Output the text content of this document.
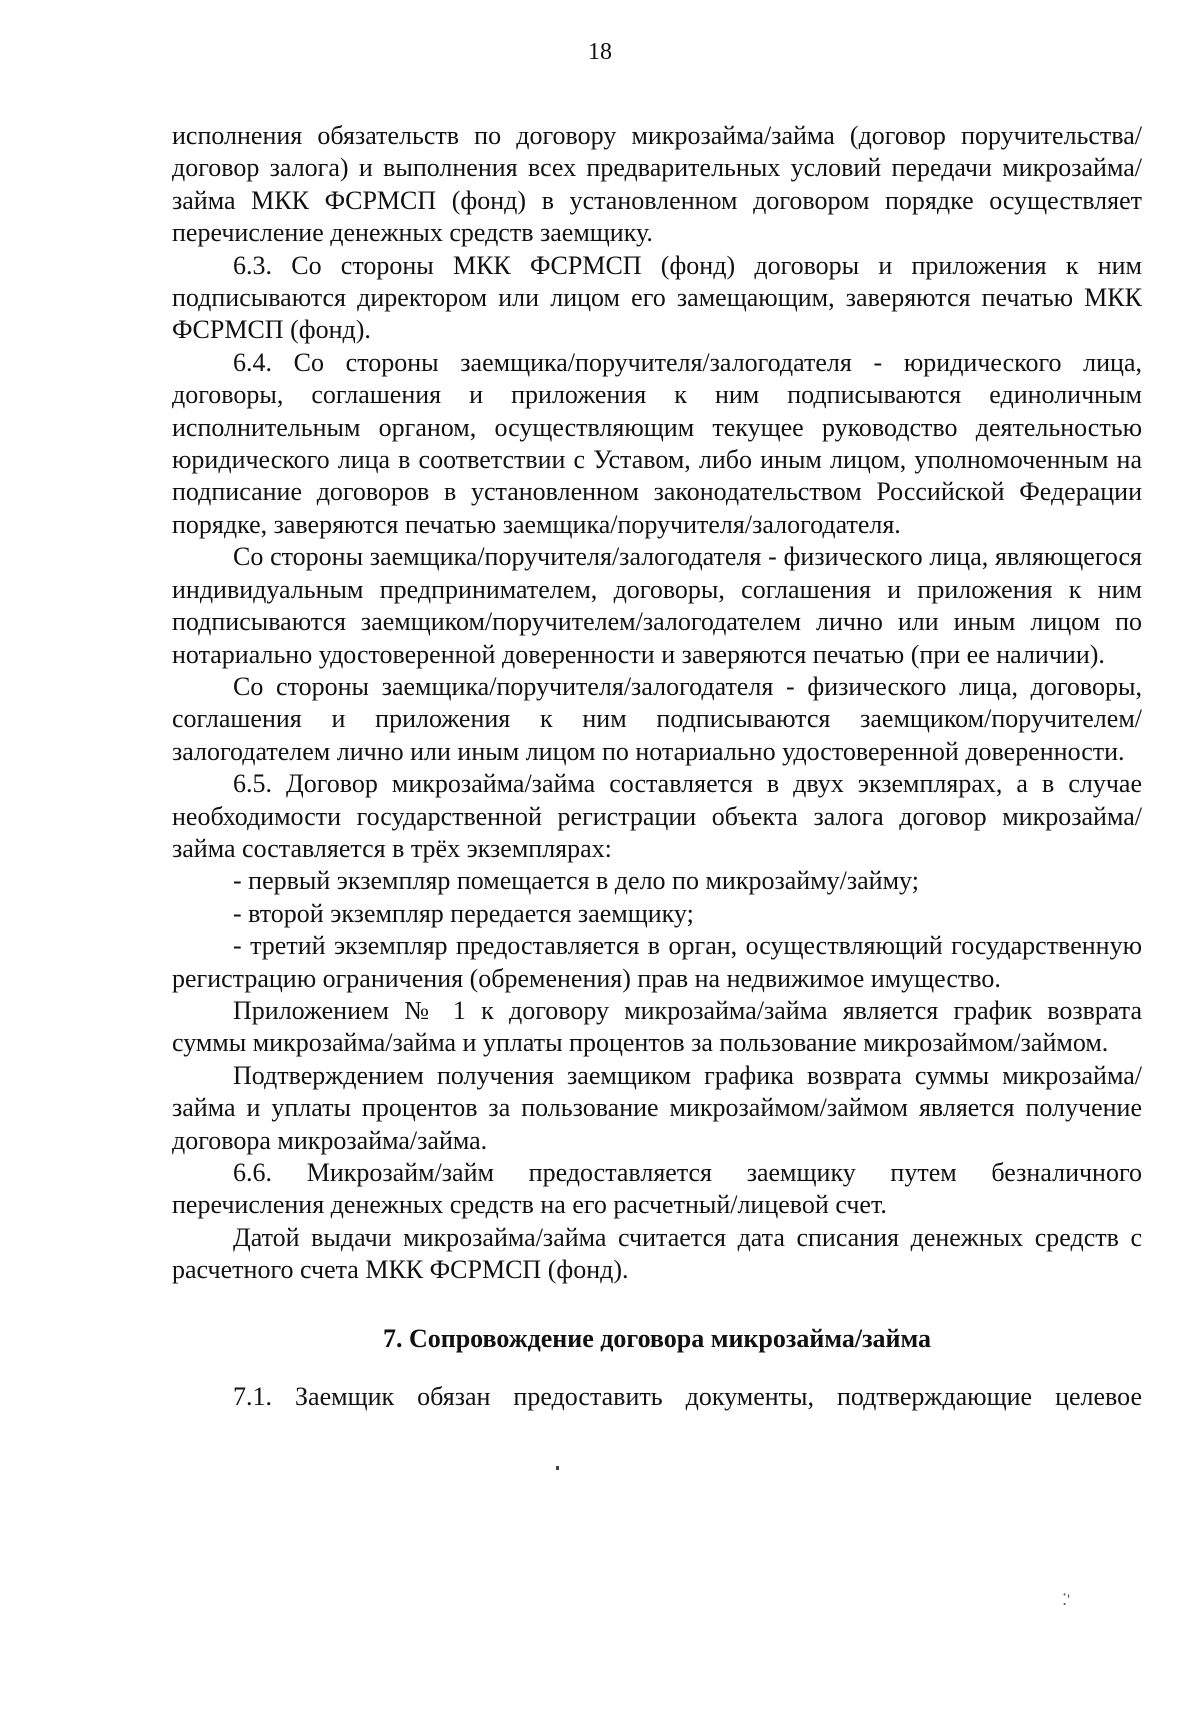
18

исполнения обязательств по договору микрозайма/займа (договор поручительства/договор залога) и выполнения всех предварительных условий передачи микрозайма/займа МКК ФСРМСП (фонд) в установленном договором порядке осуществляет перечисление денежных средств заемщику.

6.3. Со стороны МКК ФСРМСП (фонд) договоры и приложения к ним подписываются директором или лицом его замещающим, заверяются печатью МКК ФСРМСП (фонд).

6.4. Со стороны заемщика/поручителя/залогодателя - юридического лица, договоры, соглашения и приложения к ним подписываются единоличным исполнительным органом, осуществляющим текущее руководство деятельностью юридического лица в соответствии с Уставом, либо иным лицом, уполномоченным на подписание договоров в установленном законодательством Российской Федерации порядке, заверяются печатью заемщика/поручителя/залогодателя.

Со стороны заемщика/поручителя/залогодателя - физического лица, являющегося индивидуальным предпринимателем, договоры, соглашения и приложения к ним подписываются заемщиком/поручителем/залогодателем лично или иным лицом по нотариально удостоверенной доверенности и заверяются печатью (при ее наличии).

Со стороны заемщика/поручителя/залогодателя - физического лица, договоры, соглашения и приложения к ним подписываются заемщиком/поручителем/залогодателем лично или иным лицом по нотариально удостоверенной доверенности.

6.5. Договор микрозайма/займа составляется в двух экземплярах, а в случае необходимости государственной регистрации объекта залога договор микрозайма/займа составляется в трёх экземплярах:

- первый экземпляр помещается в дело по микрозайму/займу;

- второй экземпляр передается заемщику;

- третий экземпляр предоставляется в орган, осуществляющий государственную регистрацию ограничения (обременения) прав на недвижимое имущество.

Приложением № 1 к договору микрозайма/займа является график возврата суммы микрозайма/займа и уплаты процентов за пользование микрозаймом/займом.

Подтверждением получения заемщиком графика возврата суммы микрозайма/займа и уплаты процентов за пользование микрозаймом/займом является получение договора микрозайма/займа.

6.6. Микрозайм/займ предоставляется заемщику путем безналичного перечисления денежных средств на его расчетный/лицевой счет.

Датой выдачи микрозайма/займа считается дата списания денежных средств с расчетного счета МКК ФСРМСП (фонд).

7. Сопровождение договора микрозайма/займа

7.1. Заемщик обязан предоставить документы, подтверждающие целевое

⁚'
